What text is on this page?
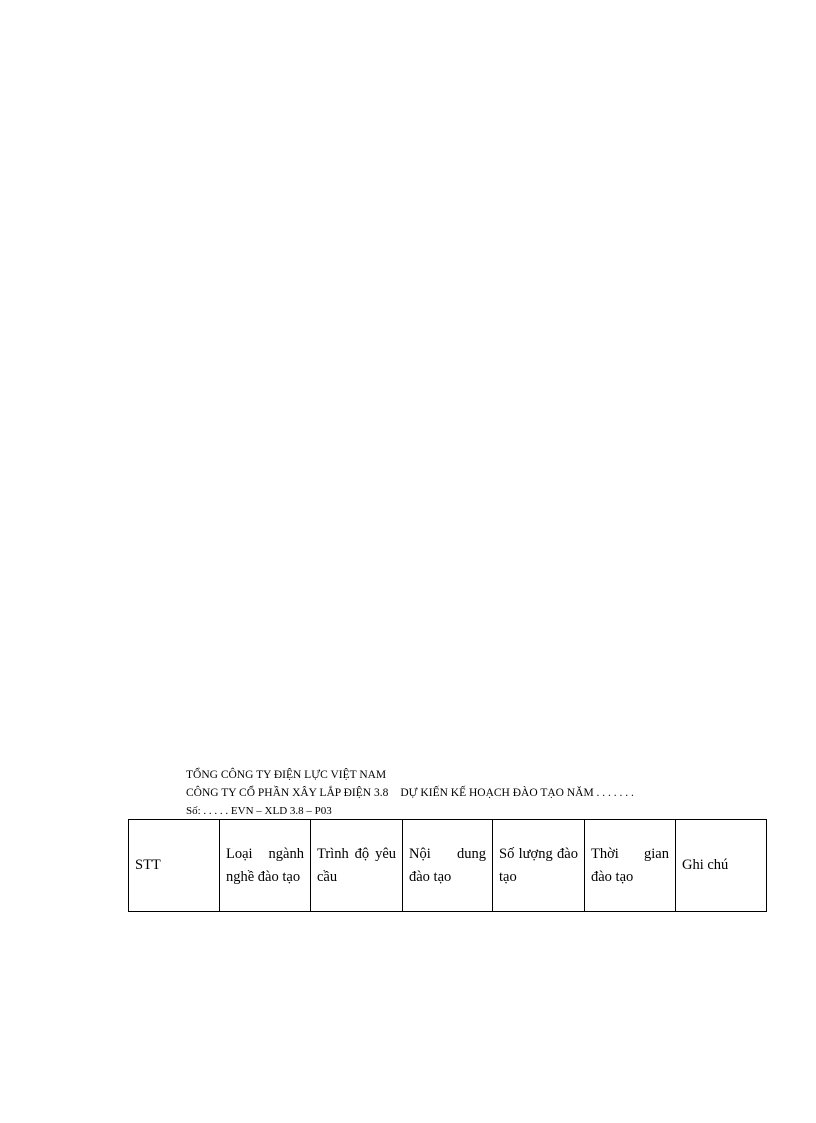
TỔNG CÔNG TY ĐIỆN LỰC VIỆT NAM
CÔNG TY CỔ PHẦN XÂY LẮP ĐIỆN 3.8 DỰ KIẾN KẾ HOẠCH ĐÀO TẠO NĂM . . . . . . .
Số: . . . . . EVN – XLD 3.8 – P03
STT	Loại ngành nghề đào tạo	Trình độ yêu cầu	Nội dung đào tạo	Số lượng đào tạo	Thời gian đào tạo	Ghi chú
